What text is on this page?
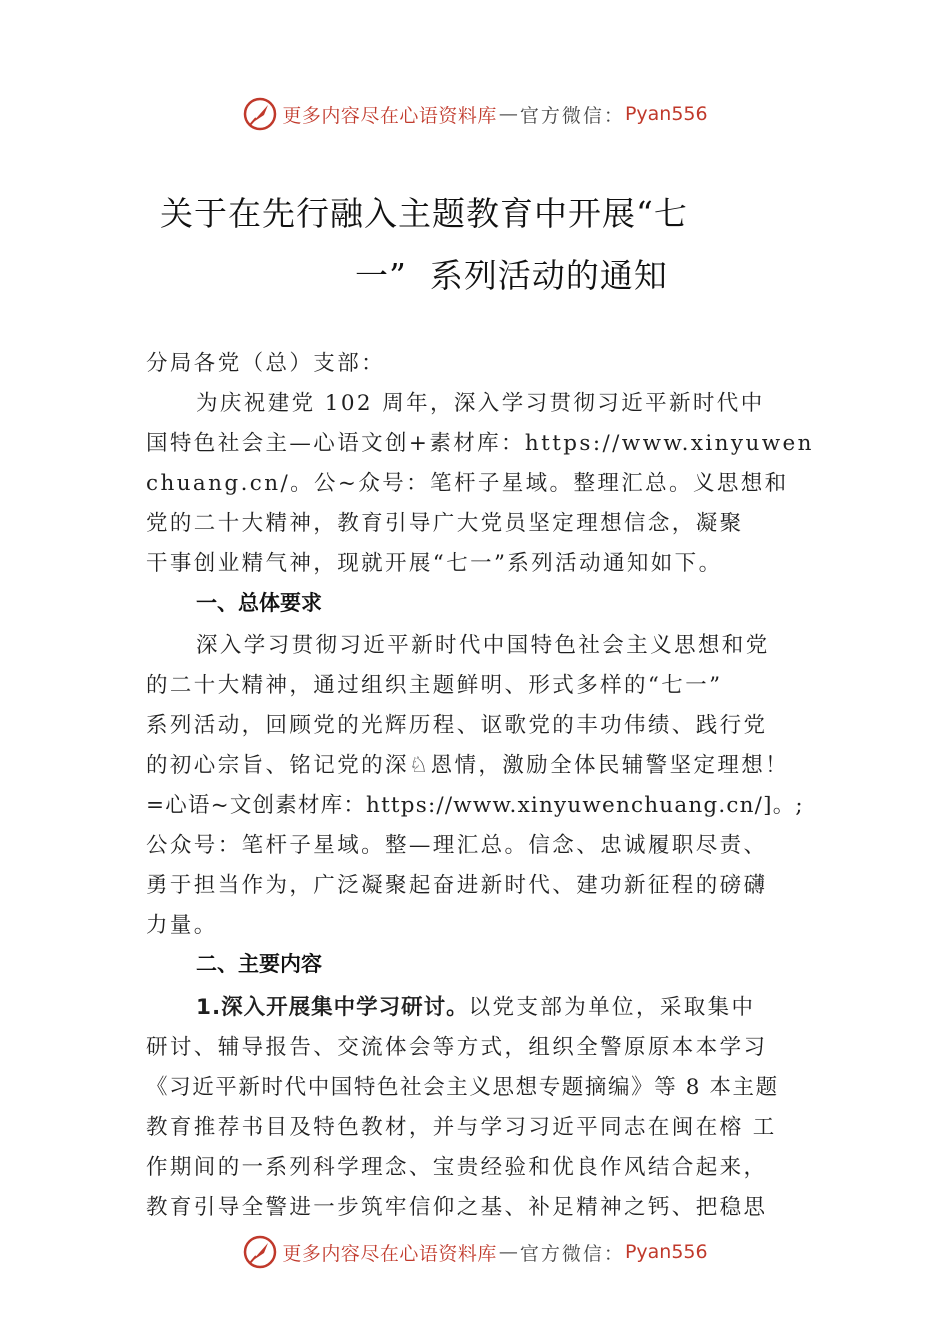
更多内容尽在心语资料库 — 官方微信： Pyan556
关于在先行融入主题教育中开展“七
一”  系列活动的通知
分局各党（总）支部：
为庆祝建党 102 周年，深入学习贯彻习近平新时代中
国特色社会主—心语文创+素材库：https://www.xinyuwen
chuang.cn/。公~众号：笔杆子星域。整理汇总。义思想和
党的二十大精神，教育引导广大党员坚定理想信念，凝聚
干事创业精气神，现就开展“七一”系列活动通知如下。
一、总体要求
深入学习贯彻习近平新时代中国特色社会主义思想和党
的二十大精神，通过组织主题鲜明、形式多样的“七一”
系列活动，回顾党的光辉历程、讴歌党的丰功伟绩、践行党
的初心宗旨、铭记党的深♘恩情，激励全体民辅警坚定理想！
=心语~文创素材库：https://www.xinyuwenchuang.cn/]。;
公众号：笔杆子星域。整—理汇总。信念、忠诚履职尽责、
勇于担当作为，广泛凝聚起奋进新时代、建功新征程的磅礴
力量。
二、主要内容
1.深入开展集中学习研讨。以党支部为单位，采取集中
研讨、辅导报告、交流体会等方式，组织全警原原本本学习
《习近平新时代中国特色社会主义思想专题摘编》等 8 本主题
教育推荐书目及特色教材，并与学习习近平同志在闽在榕 工
作期间的一系列科学理念、宝贵经验和优良作风结合起来，
教育引导全警进一步筑牢信仰之基、补足精神之钙、把稳思
更多内容尽在心语资料库 — 官方微信： Pyan556
